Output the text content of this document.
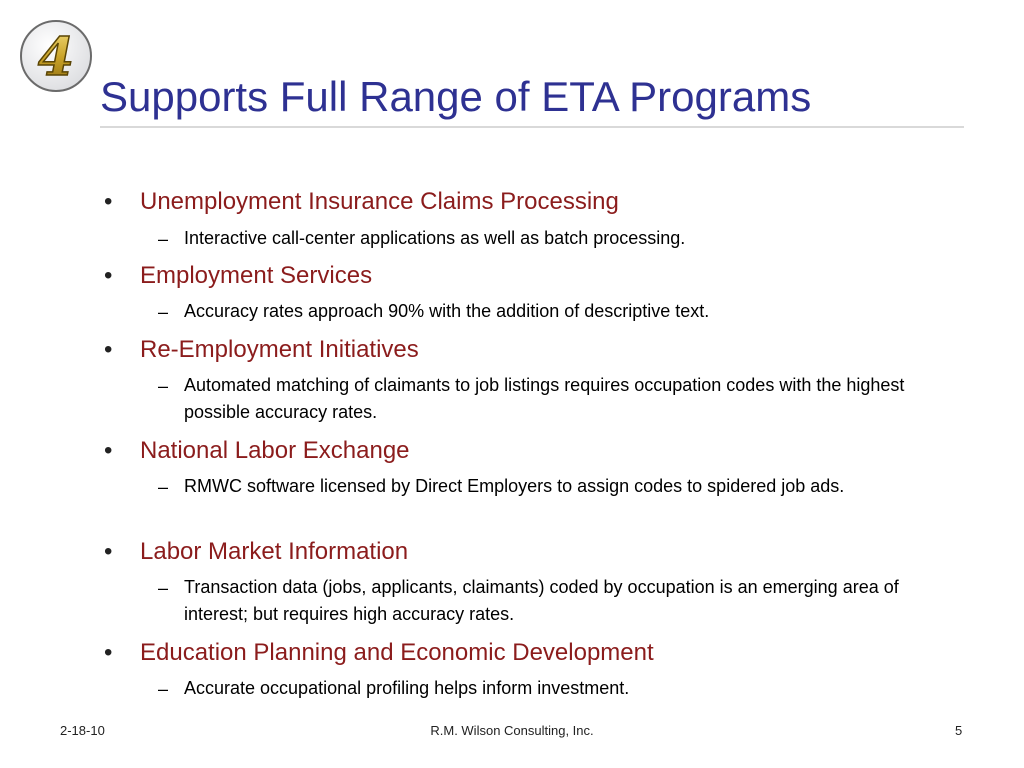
4
Supports Full Range of ETA Programs
• Unemployment Insurance Claims Processing
– Interactive call-center applications as well as batch processing.
• Employment Services
– Accuracy rates approach 90% with the addition of descriptive text.
• Re-Employment Initiatives
– Automated matching of claimants to job listings requires occupation codes with the highest possible accuracy rates.
• National Labor Exchange
– RMWC software licensed by Direct Employers to assign codes to spidered job ads.
• Labor Market Information
– Transaction data (jobs, applicants, claimants) coded by occupation is an emerging area of interest; but requires high accuracy rates.
• Education Planning and Economic Development
– Accurate occupational profiling helps inform investment.
2-18-10	R.M. Wilson Consulting, Inc.	5
